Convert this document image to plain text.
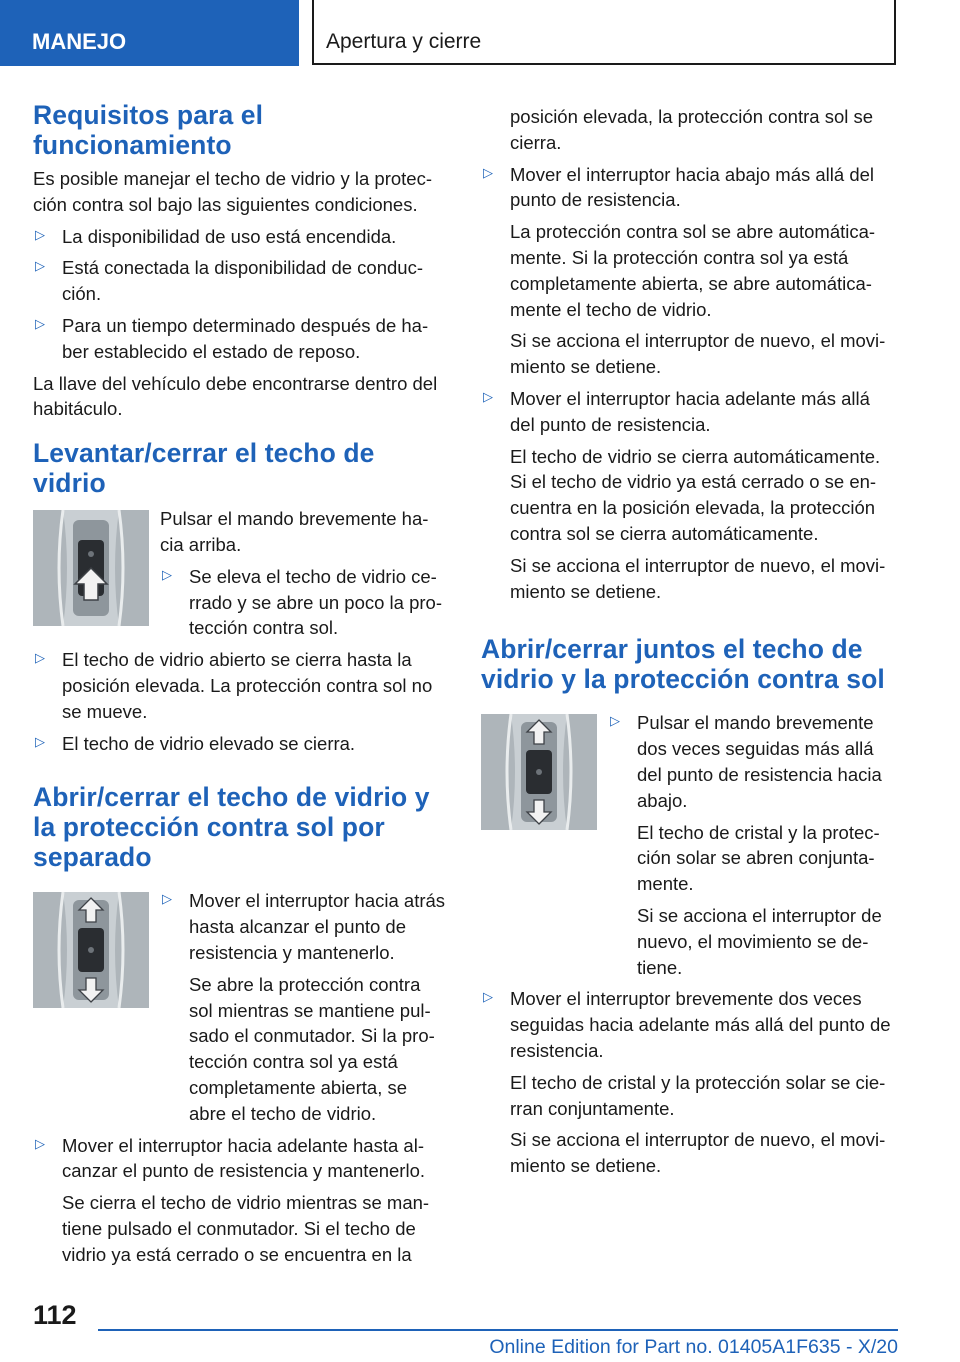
MANEJO	Apertura y cierre
Requisitos para el funcionamiento

Es posible manejar el techo de vidrio y la protec‐ción contra sol bajo las siguientes condiciones.

▷ La disponibilidad de uso está encendida.
▷ Está conectada la disponibilidad de conduc‐ción.
▷ Para un tiempo determinado después de ha‐ber establecido el estado de reposo.

La llave del vehículo debe encontrarse dentro del habitáculo.

Levantar/cerrar el techo de vidrio

Pulsar el mando brevemente ha‐cia arriba.

▷ Se eleva el techo de vidrio ce‐rrado y se abre un poco la pro‐tección contra sol.
▷ El techo de vidrio abierto se cierra hasta la posición elevada. La protección contra sol no se mueve.
▷ El techo de vidrio elevado se cierra.
Abrir/cerrar el techo de vidrio y la protección contra sol por separado
▷ Mover el interruptor hacia atrás hasta alcanzar el punto de resistencia y mantenerlo.
Se abre la protección contra sol mientras se mantiene pul‐sado el conmutador. Si la pro‐tección contra sol ya está completamente abierta, se abre el techo de vidrio.
▷ Mover el interruptor hacia adelante hasta al‐canzar el punto de resistencia y mantenerlo.
Se cierra el techo de vidrio mientras se man‐tiene pulsado el conmutador. Si el techo de vidrio ya está cerrado o se encuentra en la

posición elevada, la protección contra sol se cierra.

▷ Mover el interruptor hacia abajo más allá del punto de resistencia.
La protección contra sol se abre automática‐mente. Si la protección contra sol ya está completamente abierta, se abre automática‐mente el techo de vidrio.
Si se acciona el interruptor de nuevo, el movi‐miento se detiene.
▷ Mover el interruptor hacia adelante más allá del punto de resistencia.
El techo de vidrio se cierra automáticamente. Si el techo de vidrio ya está cerrado o se en‐cuentra en la posición elevada, la protección contra sol se cierra automáticamente.
Si se acciona el interruptor de nuevo, el movi‐miento se detiene.
Abrir/cerrar juntos el techo de vidrio y la protección contra sol
▷ Pulsar el mando brevemente dos veces seguidas más allá del punto de resistencia hacia abajo.
El techo de cristal y la protec‐ción solar se abren conjunta‐mente.
Si se acciona el interruptor de nuevo, el movimiento se de‐tiene.
▷ Mover el interruptor brevemente dos veces seguidas hacia adelante más allá del punto de resistencia.
El techo de cristal y la protección solar se cie‐rran conjuntamente.
Si se acciona el interruptor de nuevo, el movi‐miento se detiene.
112
Online Edition for Part no. 01405A1F635 - X/20
